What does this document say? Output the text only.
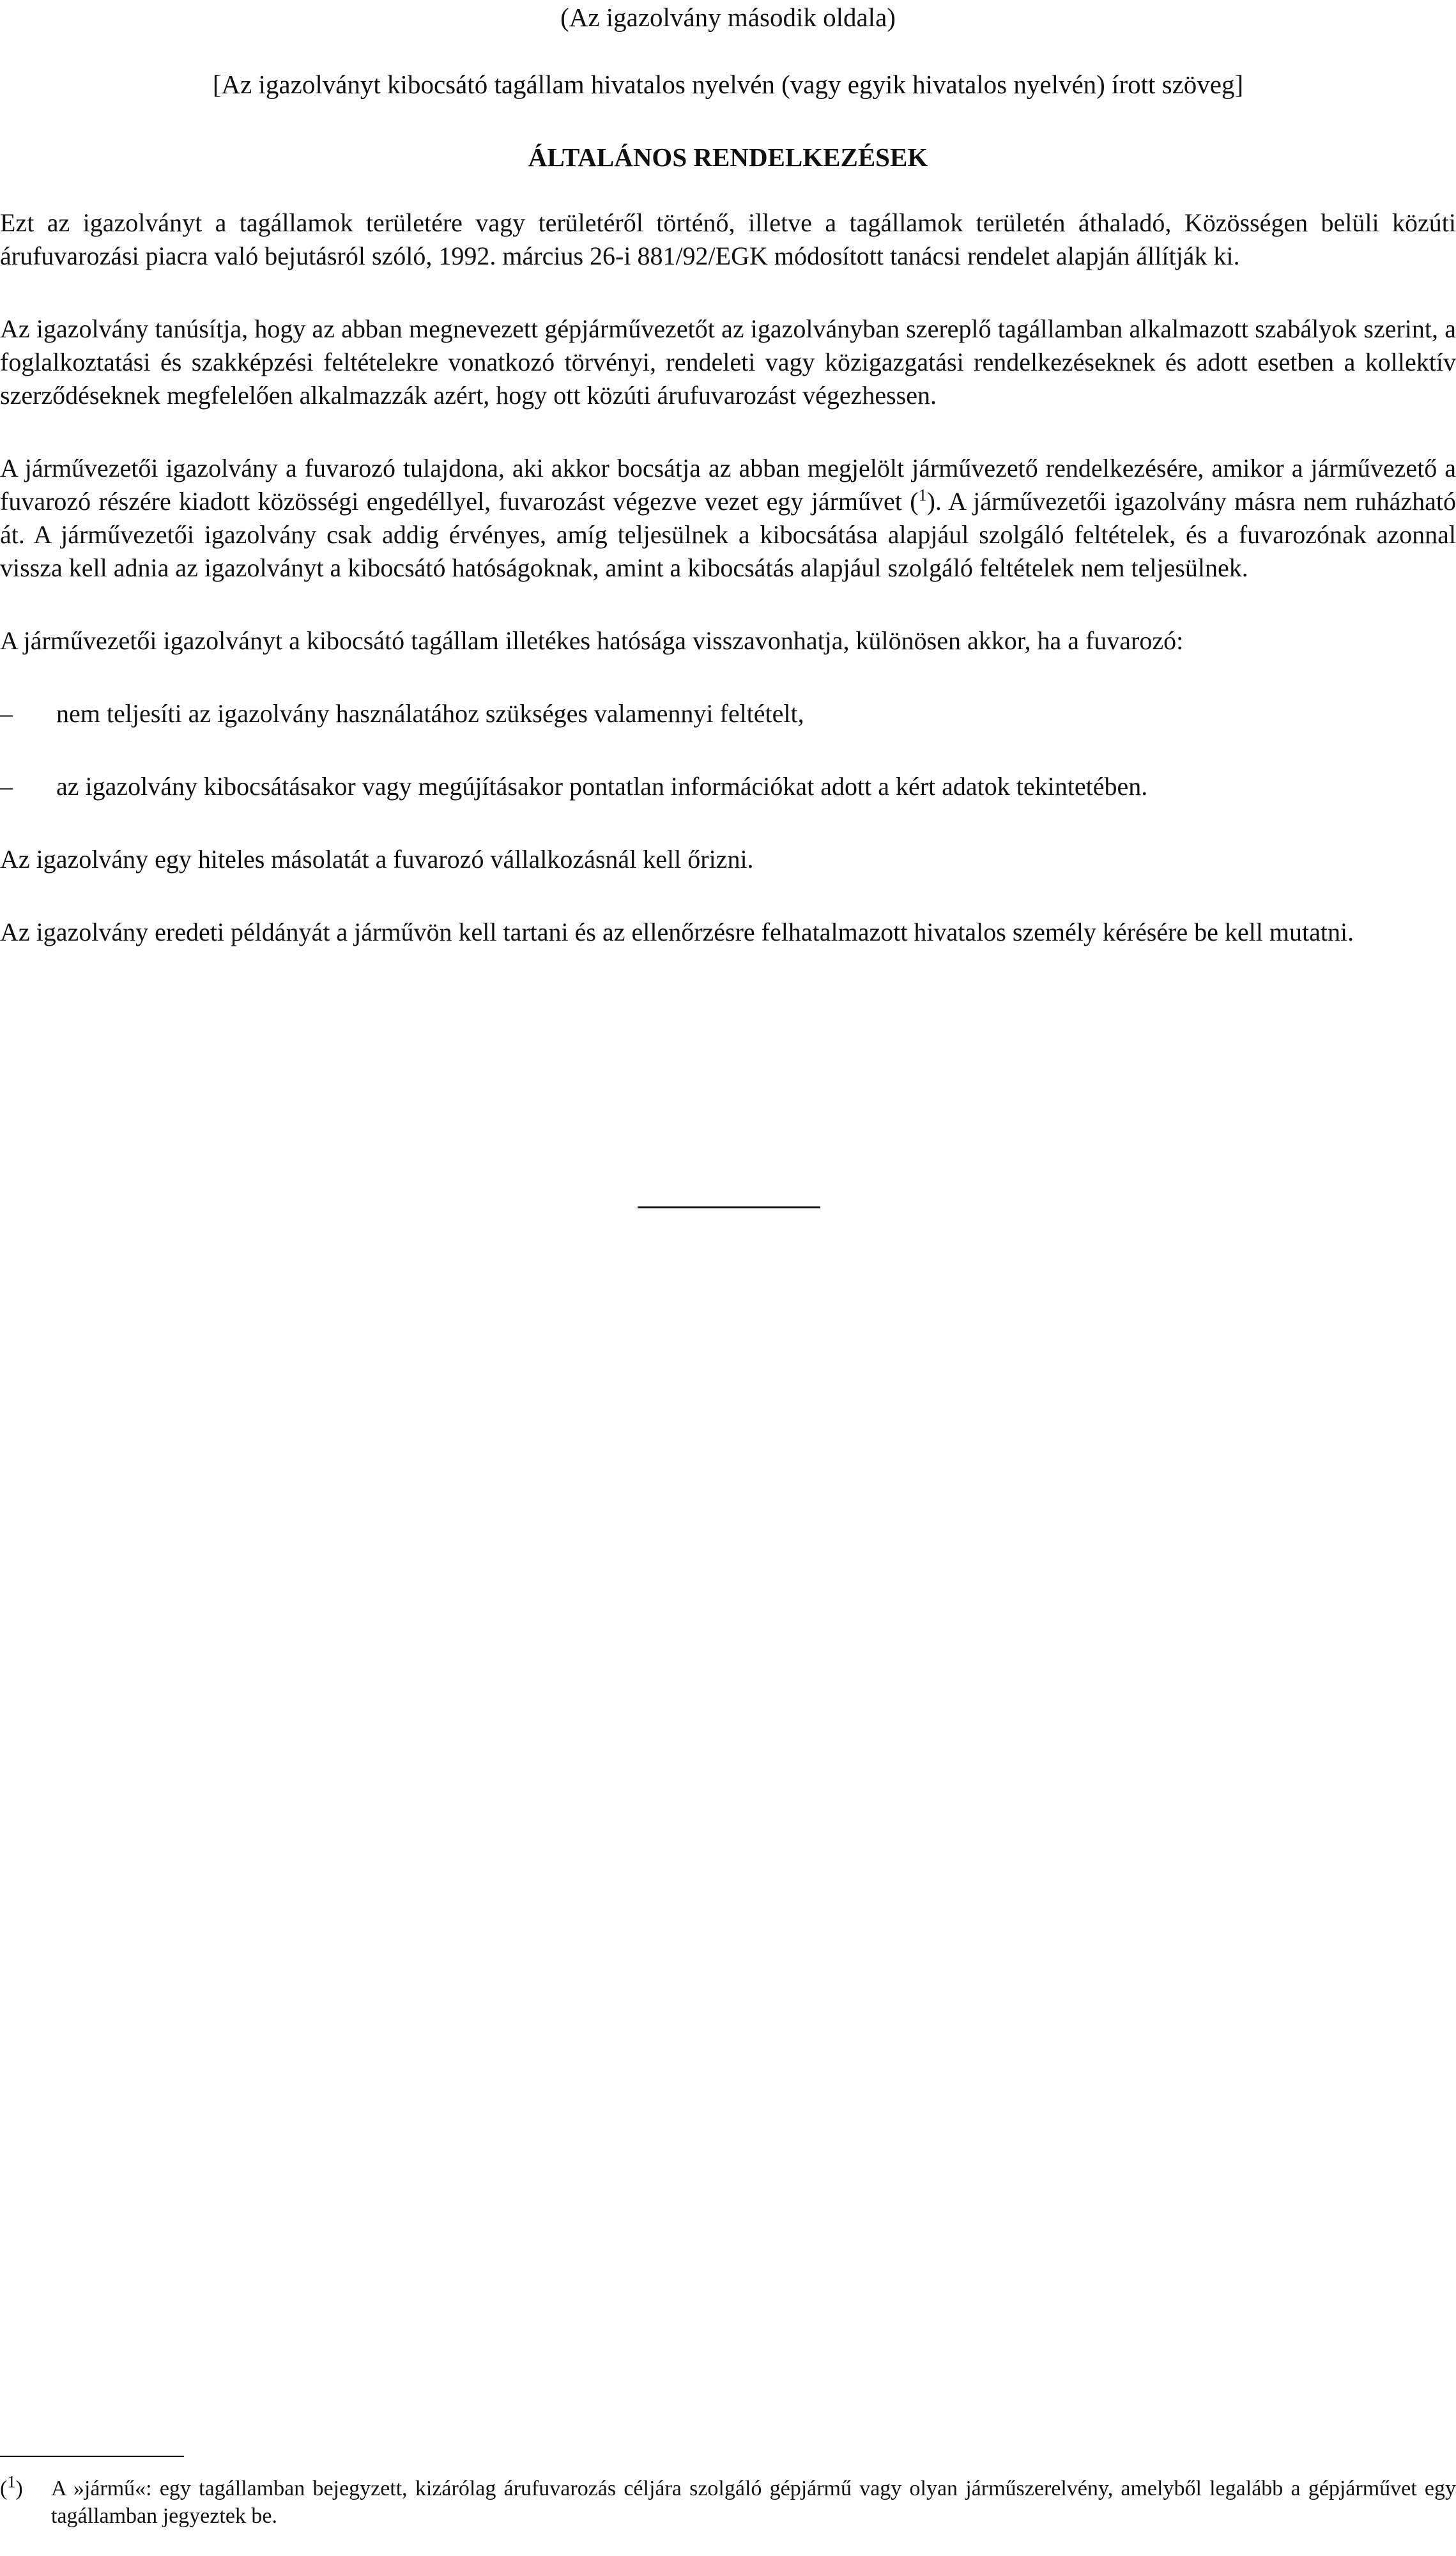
(Az igazolvány második oldala)
[Az igazolványt kibocsátó tagállam hivatalos nyelvén (vagy egyik hivatalos nyelvén) írott szöveg]
ÁLTALÁNOS RENDELKEZÉSEK

Ezt az igazolványt a tagállamok területére vagy területéről történő, illetve a tagállamok területén áthaladó, Közösségen belüli közúti árufuvarozási piacra való bejutásról szóló, 1992. március 26-i 881/92/EGK módosított tanácsi rendelet alapján állítják ki.

Az igazolvány tanúsítja, hogy az abban megnevezett gépjárművezetőt az igazolványban szereplő tagállamban alkalmazott szabályok szerint, a foglalkoztatási és szakképzési feltételekre vonatkozó törvényi, rendeleti vagy közigazgatási rendelkezéseknek és adott esetben a kollektív szerződéseknek megfelelően alkalmazzák azért, hogy ott közúti árufuvarozást végezhessen.

A járművezetői igazolvány a fuvarozó tulajdona, aki akkor bocsátja az abban megjelölt járművezető rendelkezésére, amikor a járművezető a fuvarozó részére kiadott közösségi engedéllyel, fuvarozást végezve vezet egy járművet ($^1$). A járművezetői igazolvány másra nem ruházható át. A járművezetői igazolvány csak addig érvényes, amíg teljesülnek a kibocsátása alapjául szolgáló feltételek, és a fuvarozónak azonnal vissza kell adnia az igazolványt a kibocsátó hatóságoknak, amint a kibocsátás alapjául szolgáló feltételek nem teljesülnek.

A járművezetői igazolványt a kibocsátó tagállam illetékes hatósága visszavonhatja, különösen akkor, ha a fuvarozó:

–	nem teljesíti az igazolvány használatához szükséges valamennyi feltételt,

–	az igazolvány kibocsátásakor vagy megújításakor pontatlan információkat adott a kért adatok tekintetében.

Az igazolvány egy hiteles másolatát a fuvarozó vállalkozásnál kell őrizni.

Az igazolvány eredeti példányát a járművön kell tartani és az ellenőrzésre felhatalmazott hivatalos személy kérésére be kell mutatni.

($^1$)	A »jármű«: egy tagállamban bejegyzett, kizárólag árufuvarozás céljára szolgáló gépjármű vagy olyan járműszerelvény, amelyből legalább a gépjárművet egy tagállamban jegyeztek be.
